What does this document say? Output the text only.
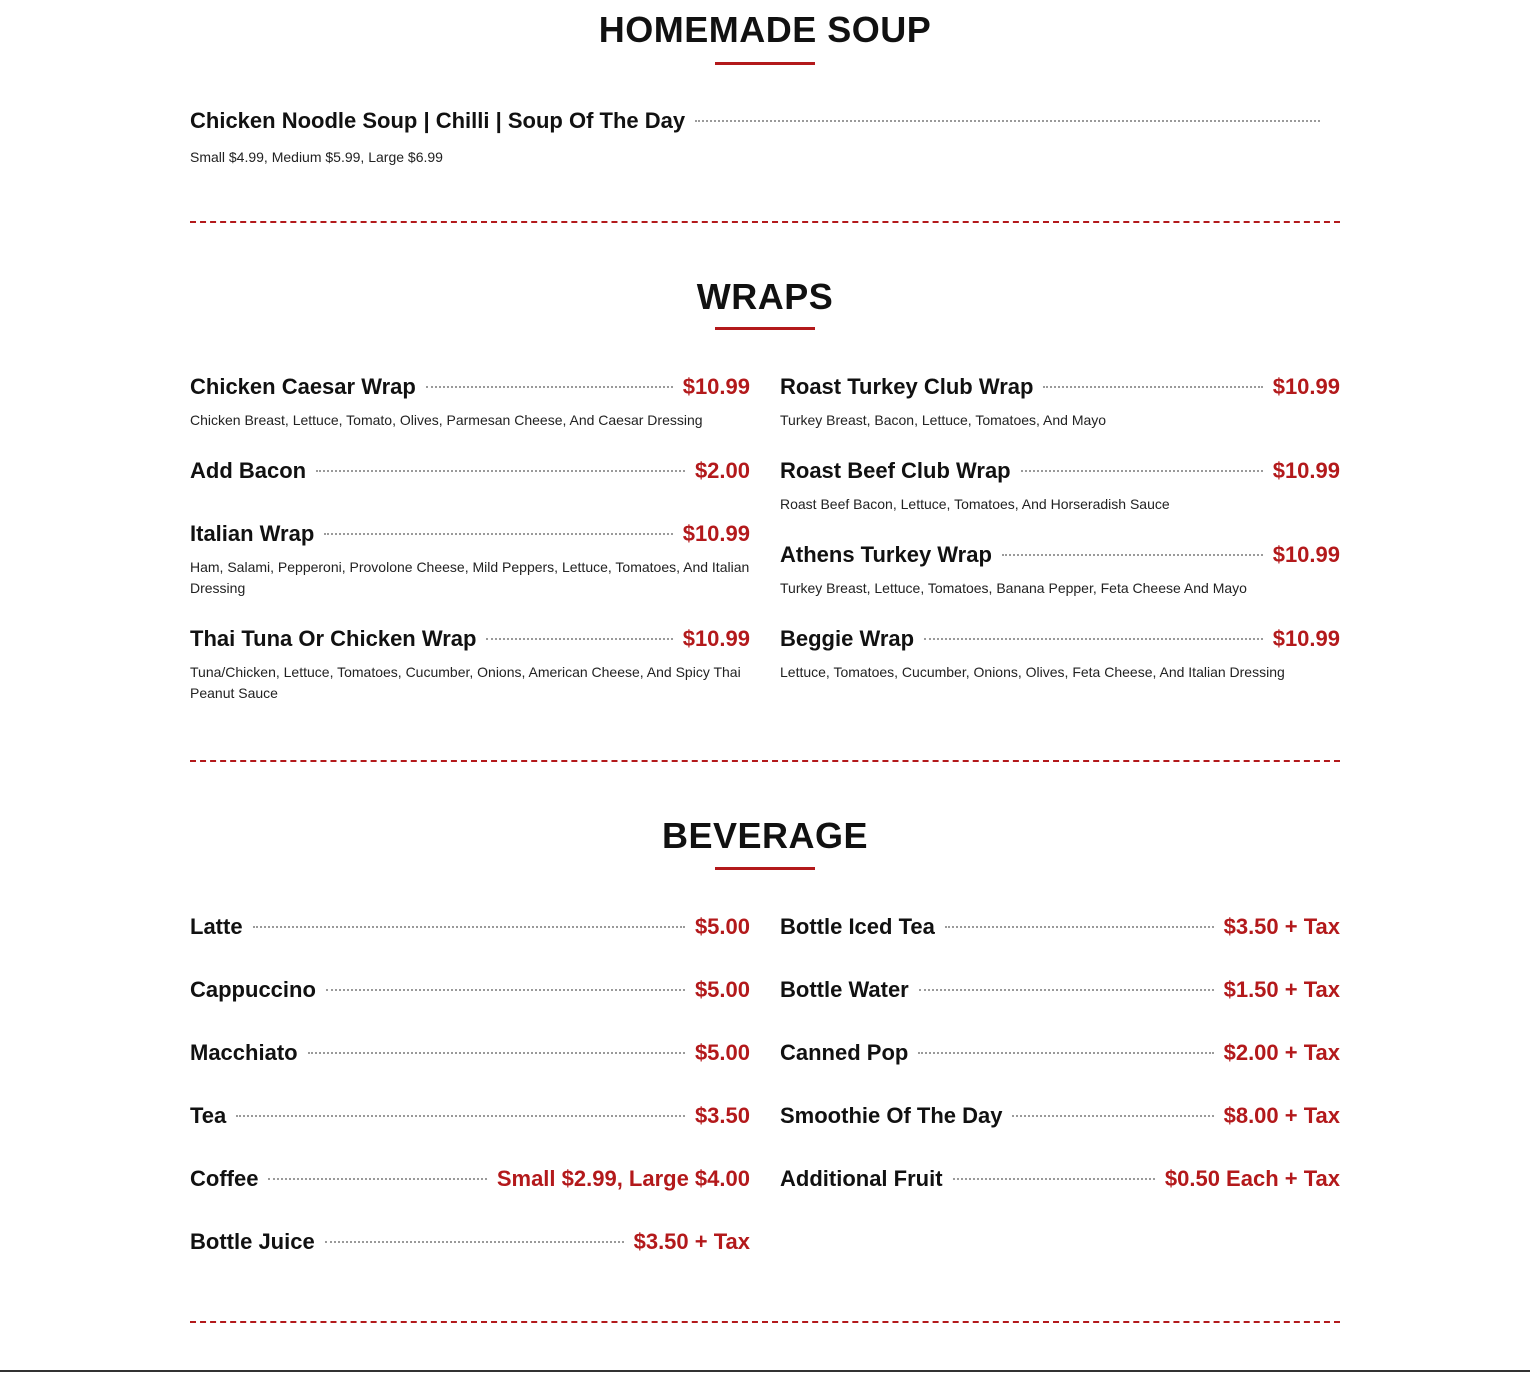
HOMEMADE SOUP
Chicken Noodle Soup | Chilli | Soup Of The Day
Small $4.99, Medium $5.99, Large $6.99
WRAPS
Chicken Caesar Wrap	$10.99
Chicken Breast, Lettuce, Tomato, Olives, Parmesan Cheese, And Caesar Dressing
Add Bacon	$2.00
Italian Wrap	$10.99
Ham, Salami, Pepperoni, Provolone Cheese, Mild Peppers, Lettuce, Tomatoes, And Italian Dressing
Thai Tuna Or Chicken Wrap	$10.99
Tuna/Chicken, Lettuce, Tomatoes, Cucumber, Onions, American Cheese, And Spicy Thai Peanut Sauce
Roast Turkey Club Wrap	$10.99
Turkey Breast, Bacon, Lettuce, Tomatoes, And Mayo
Roast Beef Club Wrap	$10.99
Roast Beef Bacon, Lettuce, Tomatoes, And Horseradish Sauce
Athens Turkey Wrap	$10.99
Turkey Breast, Lettuce, Tomatoes, Banana Pepper, Feta Cheese And Mayo
Beggie Wrap	$10.99
Lettuce, Tomatoes, Cucumber, Onions, Olives, Feta Cheese, And Italian Dressing
BEVERAGE
Latte	$5.00
Cappuccino	$5.00
Macchiato	$5.00
Tea	$3.50
Coffee	Small $2.99, Large $4.00
Bottle Juice	$3.50 + Tax
Bottle Iced Tea	$3.50 + Tax
Bottle Water	$1.50 + Tax
Canned Pop	$2.00 + Tax
Smoothie Of The Day	$8.00 + Tax
Additional Fruit	$0.50 Each + Tax
